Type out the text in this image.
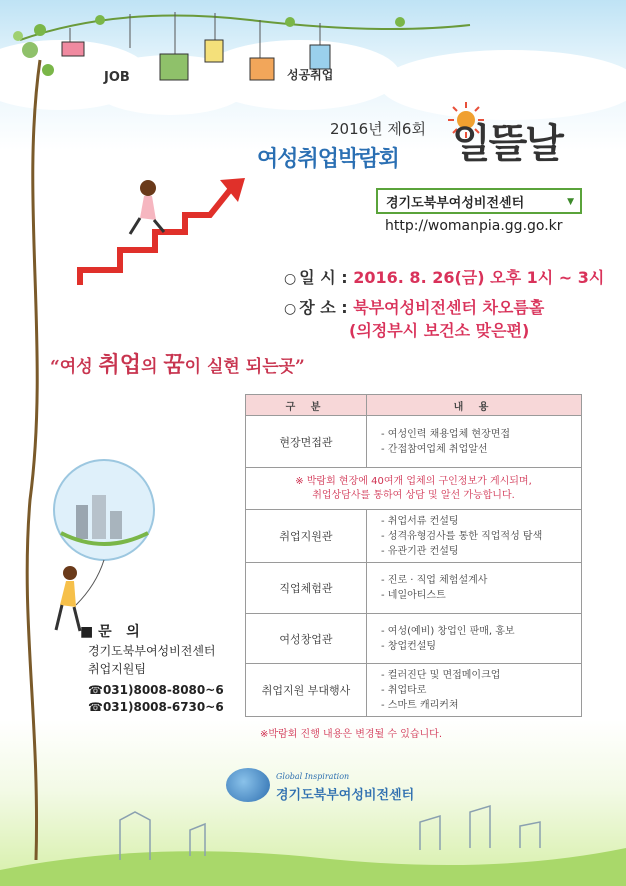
JOB	성공취업
2016년 제6회
여성취업박람회 일뜰날
경기도북부여성비전센터	▼
http://womanpia.gg.go.kr
○ 일 시 : 2016. 8. 26(금) 오후 1시 ~ 3시
○ 장 소 : 북부여성비전센터 차오름홀
(의정부시 보건소 맞은편)
“여성 취업의 꿈이 실현 되는곳”
구 분	내 용
현장면접관	- 여성인력 채용업체 현장면접
- 간접참여업체 취업알선

※ 박람회 현장에 40여개 업체의 구인정보가 게시되며,
취업상담사를 통하여 상담 및 알선 가능합니다.	

취업지원관	- 취업서류 컨설팅
- 성격유형검사를 통한 직업적성 탐색
- 유관기관 컨설팅

직업체험관	- 진로 · 직업 체험설계사
- 네일아티스트

여성창업관	- 여성(예비) 창업인 판매, 홍보
- 창업컨설팅

취업지원 부대행사	- 컬러진단 및 면접메이크업
- 취업타로
- 스마트 캐리커쳐
※박람회 진행 내용은 변경될 수 있습니다.
■ 문   의
경기도북부여성비전센터
취업지원팀
☎031)8008-8080~6
☎031)8008-6730~6
Global Inspiration
경기도북부여성비전센터
